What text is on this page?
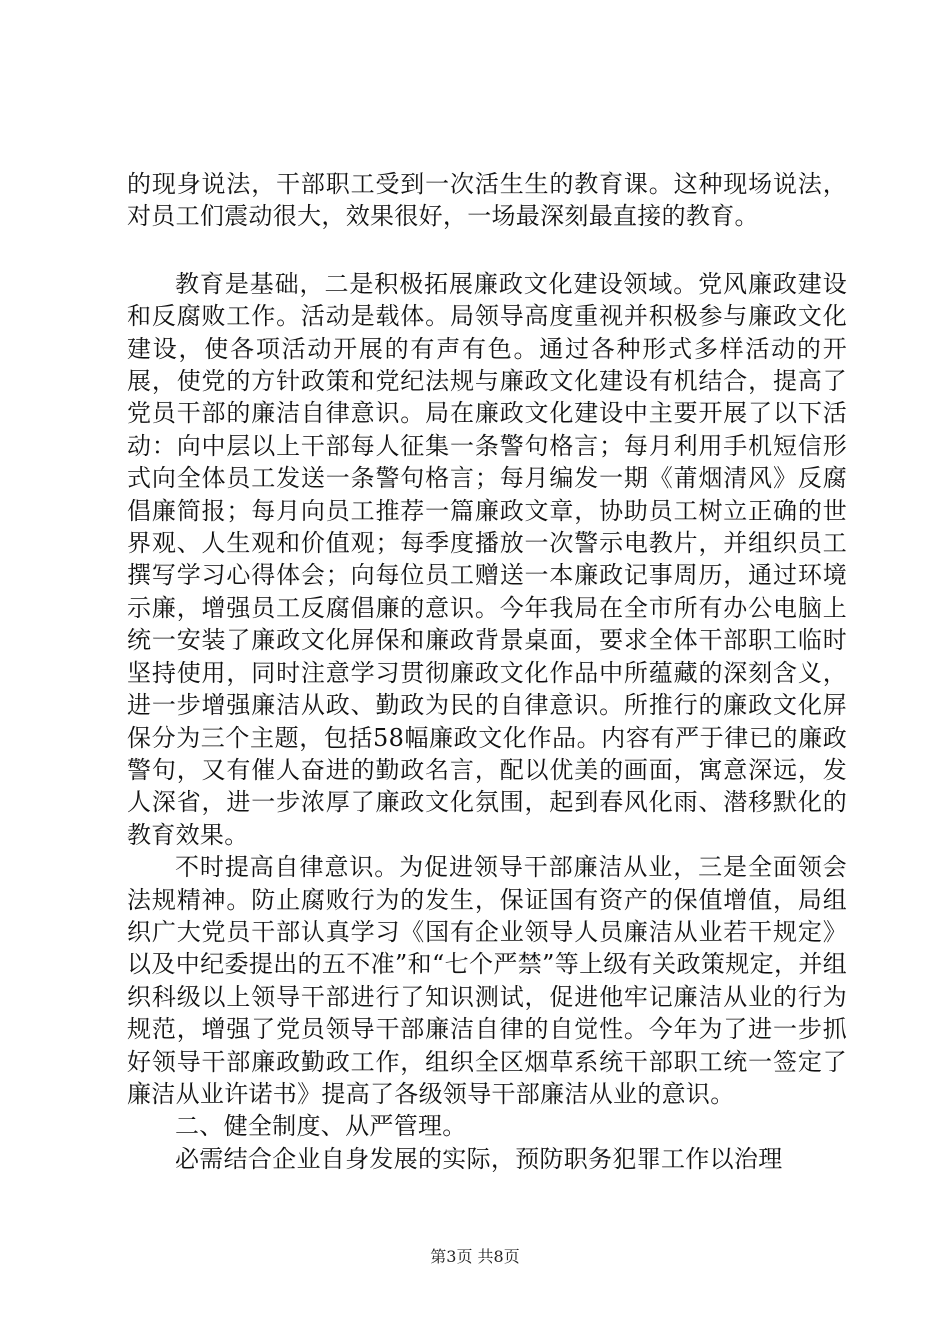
的现身说法，干部职工受到一次活生生的教育课。这种现场说法，对员工们震动很大，效果很好，一场最深刻最直接的教育。

教育是基础，二是积极拓展廉政文化建设领域。党风廉政建设和反腐败工作。活动是载体。局领导高度重视并积极参与廉政文化建设，使各项活动开展的有声有色。通过各种形式多样活动的开展，使党的方针政策和党纪法规与廉政文化建设有机结合，提高了党员干部的廉洁自律意识。局在廉政文化建设中主要开展了以下活动：向中层以上干部每人征集一条警句格言；每月利用手机短信形式向全体员工发送一条警句格言；每月编发一期《莆烟清风》反腐倡廉简报；每月向员工推荐一篇廉政文章，协助员工树立正确的世界观、人生观和价值观；每季度播放一次警示电教片，并组织员工撰写学习心得体会；向每位员工赠送一本廉政记事周历，通过环境示廉，增强员工反腐倡廉的意识。今年我局在全市所有办公电脑上统一安装了廉政文化屏保和廉政背景桌面，要求全体干部职工临时坚持使用，同时注意学习贯彻廉政文化作品中所蕴藏的深刻含义，进一步增强廉洁从政、勤政为民的自律意识。所推行的廉政文化屏保分为三个主题，包括58幅廉政文化作品。内容有严于律已的廉政警句，又有催人奋进的勤政名言，配以优美的画面，寓意深远，发人深省，进一步浓厚了廉政文化氛围，起到春风化雨、潜移默化的教育效果。

不时提高自律意识。为促进领导干部廉洁从业，三是全面领会法规精神。防止腐败行为的发生，保证国有资产的保值增值，局组织广大党员干部认真学习《国有企业领导人员廉洁从业若干规定》以及中纪委提出的五不准”和“七个严禁”等上级有关政策规定，并组织科级以上领导干部进行了知识测试，促进他牢记廉洁从业的行为规范，增强了党员领导干部廉洁自律的自觉性。今年为了进一步抓好领导干部廉政勤政工作，组织全区烟草系统干部职工统一签定了廉洁从业许诺书》提高了各级领导干部廉洁从业的意识。

二、健全制度、从严管理。

必需结合企业自身发展的实际，预防职务犯罪工作以治理

第3页 共8页
